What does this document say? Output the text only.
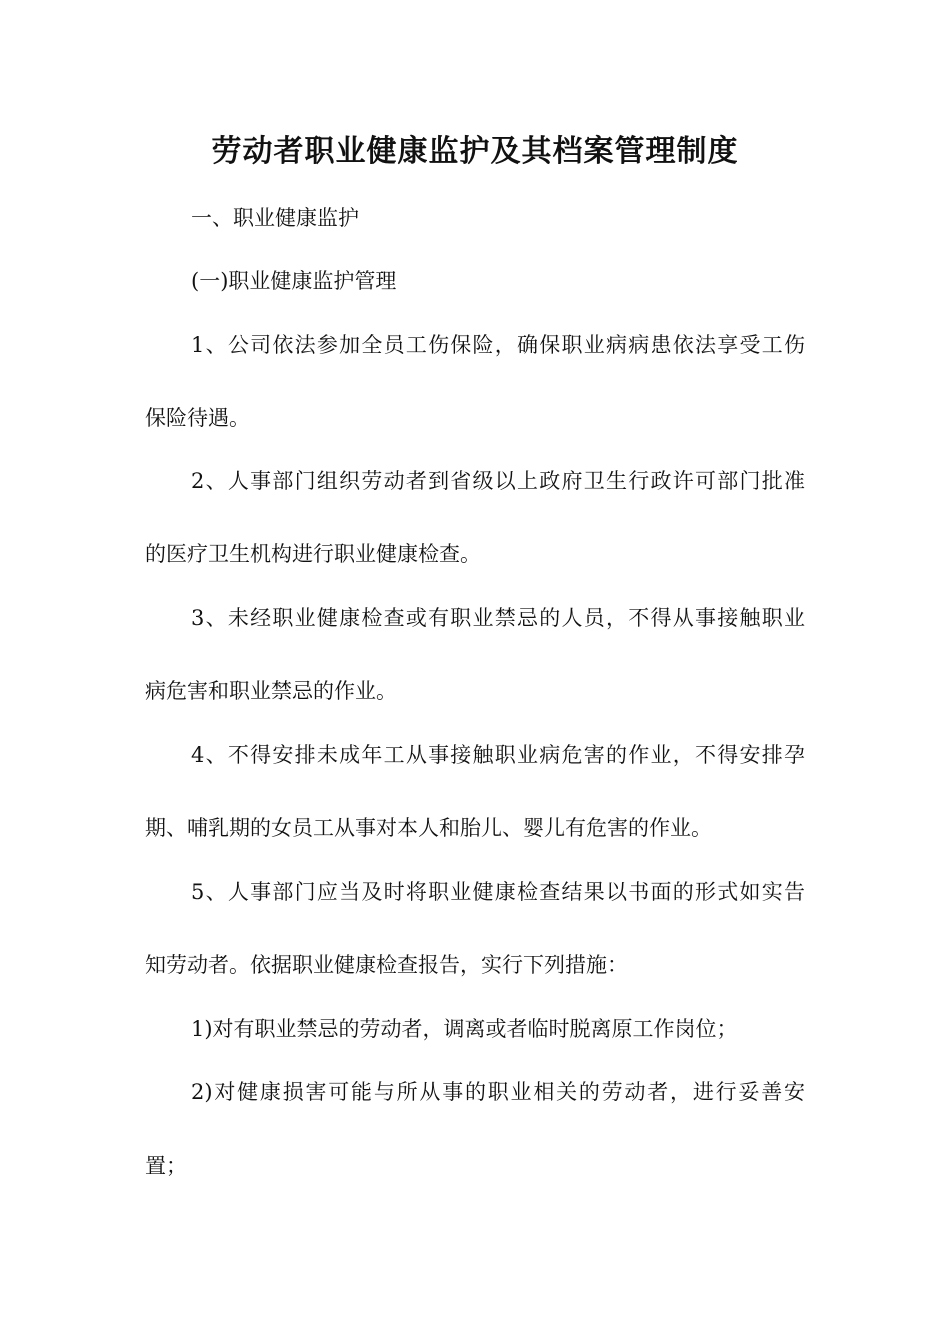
劳动者职业健康监护及其档案管理制度

一、职业健康监护

(一)职业健康监护管理

1、公司依法参加全员工伤保险，确保职业病病患依法享受工伤

保险待遇。

2、人事部门组织劳动者到省级以上政府卫生行政许可部门批准

的医疗卫生机构进行职业健康检查。

3、未经职业健康检查或有职业禁忌的人员，不得从事接触职业

病危害和职业禁忌的作业。

4、不得安排未成年工从事接触职业病危害的作业，不得安排孕

期、哺乳期的女员工从事对本人和胎儿、婴儿有危害的作业。

5、人事部门应当及时将职业健康检查结果以书面的形式如实告

知劳动者。依据职业健康检查报告，实行下列措施：

1)对有职业禁忌的劳动者，调离或者临时脱离原工作岗位；

2)对健康损害可能与所从事的职业相关的劳动者，进行妥善安

置；
